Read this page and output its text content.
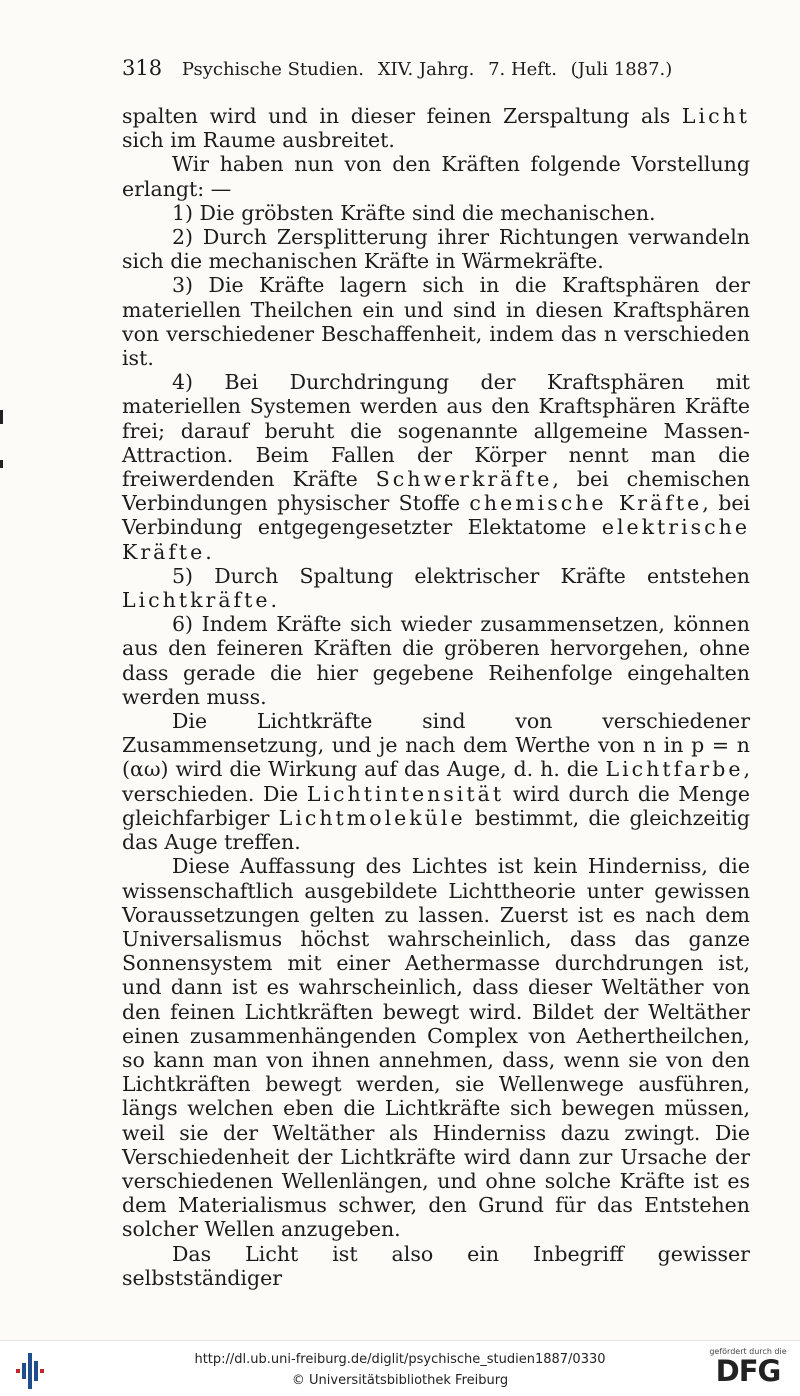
318 Psychische Studien. XIV. Jahrg. 7. Heft. (Juli 1887.)

spalten wird und in dieser feinen Zerspaltung als Licht sich im Raume ausbreitet.

Wir haben nun von den Kräften folgende Vorstellung erlangt: —

1) Die gröbsten Kräfte sind die mechanischen.

2) Durch Zersplitterung ihrer Richtungen verwandeln sich die mechanischen Kräfte in Wärmekräfte.

3) Die Kräfte lagern sich in die Kraftsphären der materiellen Theilchen ein und sind in diesen Kraftsphären von verschiedener Beschaffenheit, indem das n verschieden ist.

4) Bei Durchdringung der Kraftsphären mit materiellen Systemen werden aus den Kraftsphären Kräfte frei; darauf beruht die sogenannte allgemeine Massen-Attraction. Beim Fallen der Körper nennt man die freiwerdenden Kräfte Schwerkräfte, bei chemischen Verbindungen physischer Stoffe chemische Kräfte, bei Verbindung entgegengesetzter Elektatome elektrische Kräfte.

5) Durch Spaltung elektrischer Kräfte entstehen Lichtkräfte.

6) Indem Kräfte sich wieder zusammensetzen, können aus den feineren Kräften die gröberen hervorgehen, ohne dass gerade die hier gegebene Reihenfolge eingehalten werden muss.

Die Lichtkräfte sind von verschiedener Zusammensetzung, und je nach dem Werthe von n in p = n (αω) wird die Wirkung auf das Auge, d. h. die Lichtfarbe, verschieden. Die Lichtintensität wird durch die Menge gleichfarbiger Lichtmoleküle bestimmt, die gleichzeitig das Auge treffen.

Diese Auffassung des Lichtes ist kein Hinderniss, die wissenschaftlich ausgebildete Lichttheorie unter gewissen Voraussetzungen gelten zu lassen. Zuerst ist es nach dem Universalismus höchst wahrscheinlich, dass das ganze Sonnensystem mit einer Aethermasse durchdrungen ist, und dann ist es wahrscheinlich, dass dieser Weltäther von den feinen Lichtkräften bewegt wird. Bildet der Weltäther einen zusammenhängenden Complex von Aethertheilchen, so kann man von ihnen annehmen, dass, wenn sie von den Lichtkräften bewegt werden, sie Wellenwege ausführen, längs welchen eben die Lichtkräfte sich bewegen müssen, weil sie der Weltäther als Hinderniss dazu zwingt. Die Verschiedenheit der Lichtkräfte wird dann zur Ursache der verschiedenen Wellenlängen, und ohne solche Kräfte ist es dem Materialismus schwer, den Grund für das Entstehen solcher Wellen anzugeben.

Das Licht ist also ein Inbegriff gewisser selbstständiger

http://dl.ub.uni-freiburg.de/diglit/psychische_studien1887/0330
© Universitätsbibliothek Freiburg
gefördert durch die
DFG
